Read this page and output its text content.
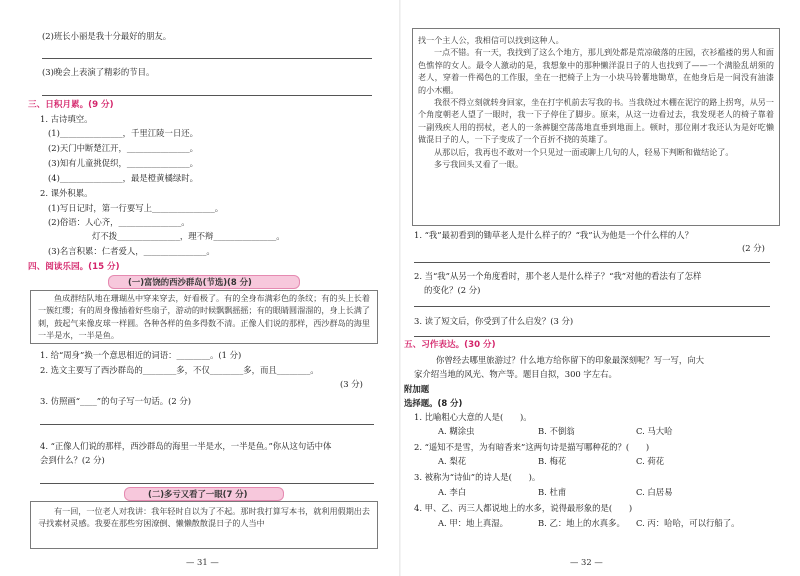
(2)班长小丽是我十分最好的朋友。
(3)晚会上表演了精彩的节目。
三、日积月累。(9 分)
1. 古诗填空。
(1)_______________，千里江陵一日还。
(2)天门中断楚江开，_______________。
(3)知有儿童挑促织，_______________。
(4)_______________，最是橙黄橘绿时。
2. 课外积累。
(1)写日记时，第一行要写上_______________。
(2)俗语：人心齐，_______________。
灯不拨_______________，理不辩_______________。
(3)名言积累：仁者爱人，_______________。
四、阅读乐园。(15 分)
(一)富饶的西沙群岛(节选)(8 分)

鱼成群结队地在珊瑚丛中穿来穿去，好看极了。有的全身布满彩色的条纹；有的头上长着一簇红缨；有的周身像插着好些扇子，游动的时候飘飘摇摇；有的眼睛圆溜溜的，身上长满了刺，鼓起气来像皮球一样圆。各种各样的鱼多得数不清。正像人们说的那样，西沙群岛的海里一半是水，一半是鱼。

1. 给“周身”换一个意思相近的词语：________。(1 分)
2. 选文主要写了西沙群岛的________多，不仅________多，而且________。
(3 分)
3. 仿照画“____”的句子写一句话。(2 分)
4. “正像人们说的那样，西沙群岛的海里一半是水，一半是鱼。”你从这句话中体
会到什么？(2 分)
(二)多亏又看了一眼(7 分)

有一回，一位老人对我讲：我年轻时自以为了不起。那时我打算写本书，就利用假期出去寻找素材灵感。我要在那些穷困潦倒、懒懒散散混日子的人当中

— 31 —

找一个主人公，我相信可以找到这种人。

一点不错。有一天，我找到了这么个地方，那儿到处都是荒凉破落的庄园，衣衫褴褛的男人和面色憔悴的女人。最令人激动的是，我想象中的那种懒洋混日子的人也找到了——一个满脸乱胡须的老人，穿着一件褐色的工作服，坐在一把椅子上为一小块马铃薯地锄草，在他身后是一间没有油漆的小木棚。

我很不得立刻就转身回家，坐在打字机前去写我的书。当我绕过木棚在泥泞的路上拐弯，从另一个角度朝老人望了一眼时，我一下子停住了脚步。原来，从这一边看过去，我发现老人的椅子靠着一副残疾人用的拐杖，老人的一条裤腿空荡荡地直垂到地面上。顿时，那位刚才我还认为是好吃懒做混日子的人，一下子变成了一个百折不挠的英雄了。

从那以后，我再也不敢对一个只见过一面或聊上几句的人，轻易下判断和做结论了。

多亏我回头又看了一眼。

1. “我”最初看到的锄草老人是什么样子的？“我”认为他是一个什么样的人？
(2 分)
2. 当“我”从另一个角度看时，那个老人是什么样子？“我”对他的看法有了怎样
的变化？(2 分)
3. 读了短文后，你受到了什么启发？(3 分)
五、习作表达。(30 分)
你曾经去哪里旅游过？什么地方给你留下的印象最深刻呢？写一写，向大
家介绍当地的风光、物产等。题目自拟，300 字左右。
附加题
选择题。(8 分)
1. 比喻粗心大意的人是(　　)。
A. 糊涂虫	B. 不倒翁	C. 马大哈
2. “遥知不是雪，为有暗香来”这两句诗是描写哪种花的？(　　)
A. 梨花	B. 梅花	C. 荷花
3. 被称为“诗仙”的诗人是(　　)。
A. 李白	B. 杜甫	C. 白居易
4. 甲、乙、丙三人都说地上的水多，说得最形象的是(　　)
A. 甲：地上真湿。	B. 乙：地上的水真多。 C. 丙：哈哈，可以行船了。
— 32 —
